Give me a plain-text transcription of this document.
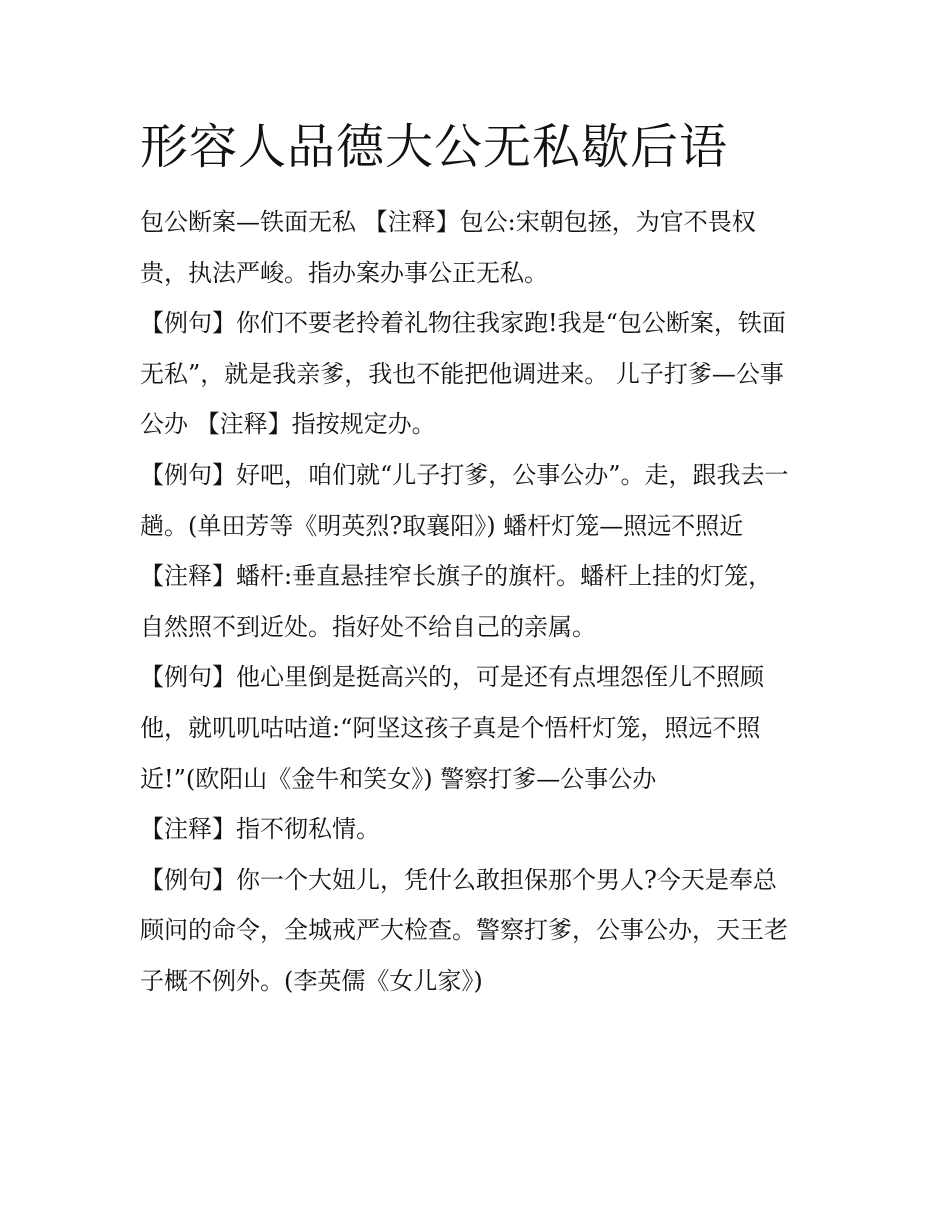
形容人品德大公无私歇后语
包公断案—铁面无私 【注释】包公:宋朝包拯，为官不畏权
贵，执法严峻。指办案办事公正无私。
【例句】你们不要老拎着礼物往我家跑!我是“包公断案，铁面
无私”，就是我亲爹，我也不能把他调进来。 儿子打爹—公事
公办 【注释】指按规定办。
【例句】好吧，咱们就“儿子打爹，公事公办”。走，跟我去一
趟。(单田芳等《明英烈?取襄阳》) 蟠杆灯笼—照远不照近
【注释】蟠杆:垂直悬挂窄长旗子的旗杆。蟠杆上挂的灯笼，
自然照不到近处。指好处不给自己的亲属。
【例句】他心里倒是挺高兴的，可是还有点埋怨侄儿不照顾
他，就叽叽咕咕道:“阿坚这孩子真是个悟杆灯笼，照远不照
近!”(欧阳山《金牛和笑女》) 警察打爹—公事公办
【注释】指不彻私情。
【例句】你一个大妞儿，凭什么敢担保那个男人?今天是奉总
顾问的命令，全城戒严大检查。警察打爹，公事公办，天王老
子概不例外。(李英儒《女儿家》)
